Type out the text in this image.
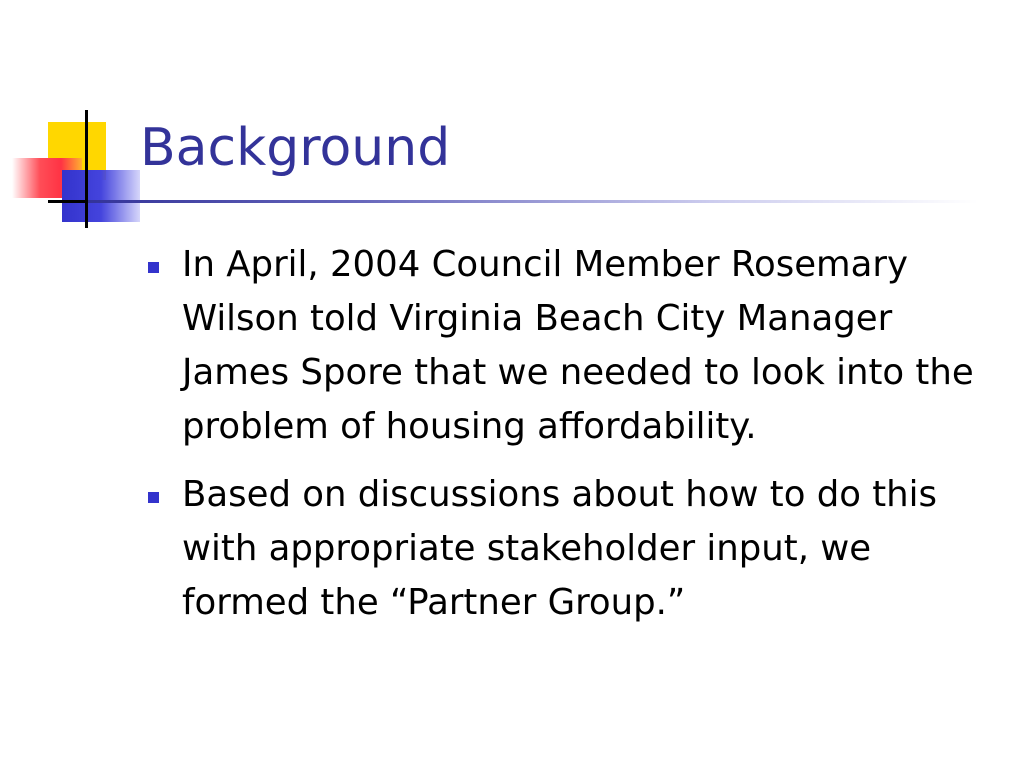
Background
In April, 2004 Council Member Rosemary Wilson told Virginia Beach City Manager James Spore that we needed to look into the problem of housing affordability.
Based on discussions about how to do this with appropriate stakeholder input, we formed the “Partner Group.”
